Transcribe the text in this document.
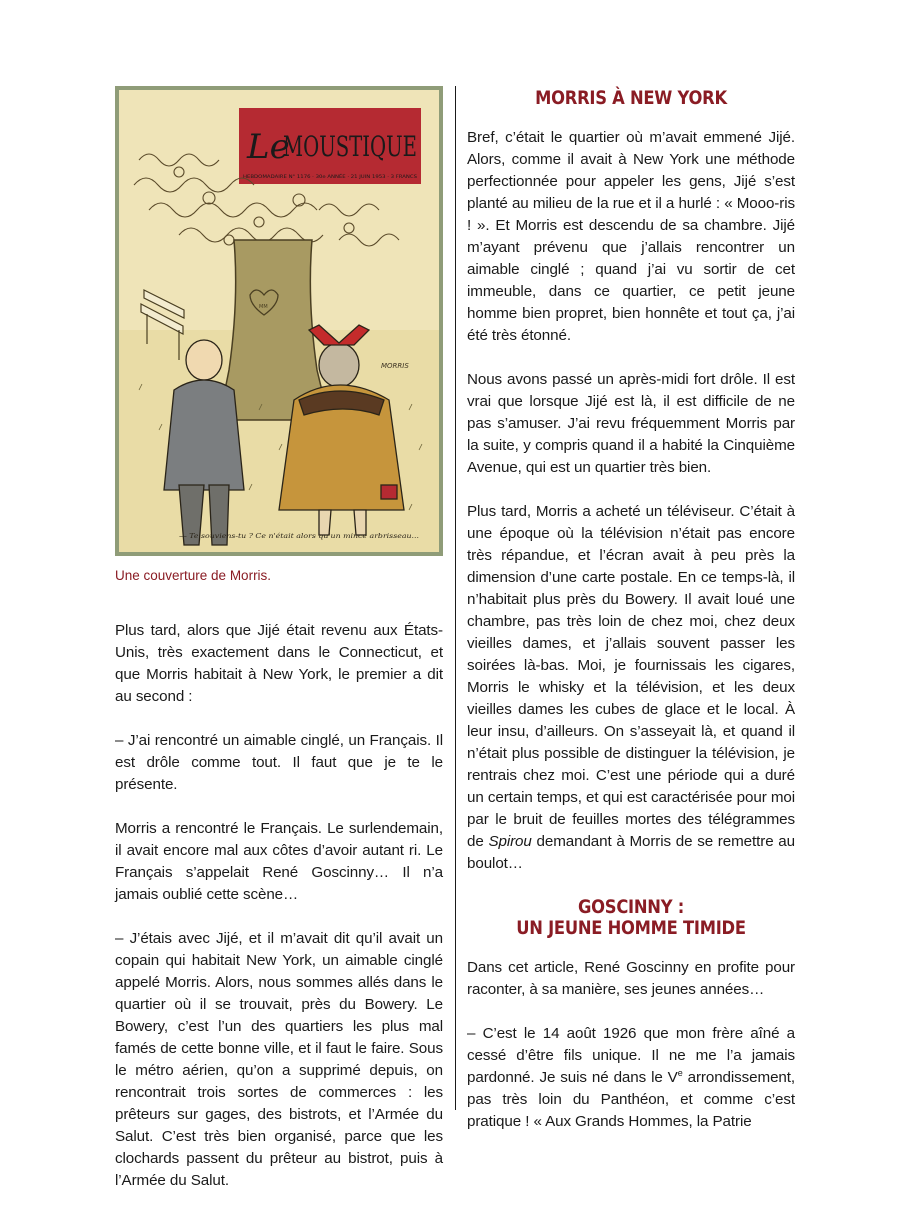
Le
MOUSTIQUE
HEBDOMADAIRE N° 1176 · 30e ANNÉE · 21 JUIN 1953 · 3 FRANCS
MM
MORRIS
— Te souviens-tu ? Ce n'était alors qu'un mince arbrisseau...
Une couverture de Morris.

Plus tard, alors que Jijé était revenu aux États-Unis, très exactement dans le Connecticut, et que Morris habitait à New York, le premier a dit au second :

– J’ai rencontré un aimable cinglé, un Français. Il est drôle comme tout. Il faut que je te le présente.

Morris a rencontré le Français. Le surlendemain, il avait encore mal aux côtes d’avoir autant ri. Le Français s’appelait René Goscinny… Il n’a jamais oublié cette scène…

– J’étais avec Jijé, et il m’avait dit qu’il avait un copain qui habitait New York, un aimable cinglé appelé Morris. Alors, nous sommes allés dans le quartier où il se trouvait, près du Bowery. Le Bowery, c’est l’un des quartiers les plus mal famés de cette bonne ville, et il faut le faire. Sous le métro aérien, qu’on a supprimé depuis, on rencontrait trois sortes de commerces : les prêteurs sur gages, des bistrots, et l’Armée du Salut. C’est très bien organisé, parce que les clochards passent du prêteur au bistrot, puis à l’Armée du Salut.

MORRIS À NEW YORK

Bref, c’était le quartier où m’avait emmené Jijé. Alors, comme il avait à New York une méthode perfectionnée pour appeler les gens, Jijé s’est planté au milieu de la rue et il a hurlé : « Mooo-ris ! ». Et Morris est descendu de sa chambre. Jijé m’ayant prévenu que j’allais rencontrer un aimable cinglé ; quand j’ai vu sortir de cet immeuble, dans ce quartier, ce petit jeune homme bien propret, bien honnête et tout ça, j’ai été très étonné.

Nous avons passé un après-midi fort drôle. Il est vrai que lorsque Jijé est là, il est difficile de ne pas s’amuser. J’ai revu fréquemment Morris par la suite, y compris quand il a habité la Cinquième Avenue, qui est un quartier très bien.

Plus tard, Morris a acheté un téléviseur. C’était à une époque où la télévision n’était pas encore très répandue, et l’écran avait à peu près la dimension d’une carte postale. En ce temps-là, il n’habitait plus près du Bowery. Il avait loué une chambre, pas très loin de chez moi, chez deux vieilles dames, et j’allais souvent passer les soirées là-bas. Moi, je fournissais les cigares, Morris le whisky et la télévision, et les deux vieilles dames les cubes de glace et le local. À leur insu, d’ailleurs. On s’asseyait là, et quand il n’était plus possible de distinguer la télévision, je rentrais chez moi. C’est une période qui a duré un certain temps, et qui est caractérisée pour moi par le bruit de feuilles mortes des télégrammes de Spirou demandant à Morris de se remettre au boulot…

GOSCINNY :
UN JEUNE HOMME TIMIDE

Dans cet article, René Goscinny en profite pour raconter, à sa manière, ses jeunes années…

– C’est le 14 août 1926 que mon frère aîné a cessé d’être fils unique. Il ne me l’a jamais pardonné. Je suis né dans le Ve arrondissement, pas très loin du Panthéon, et comme c’est pratique ! « Aux Grands Hommes, la Patrie
